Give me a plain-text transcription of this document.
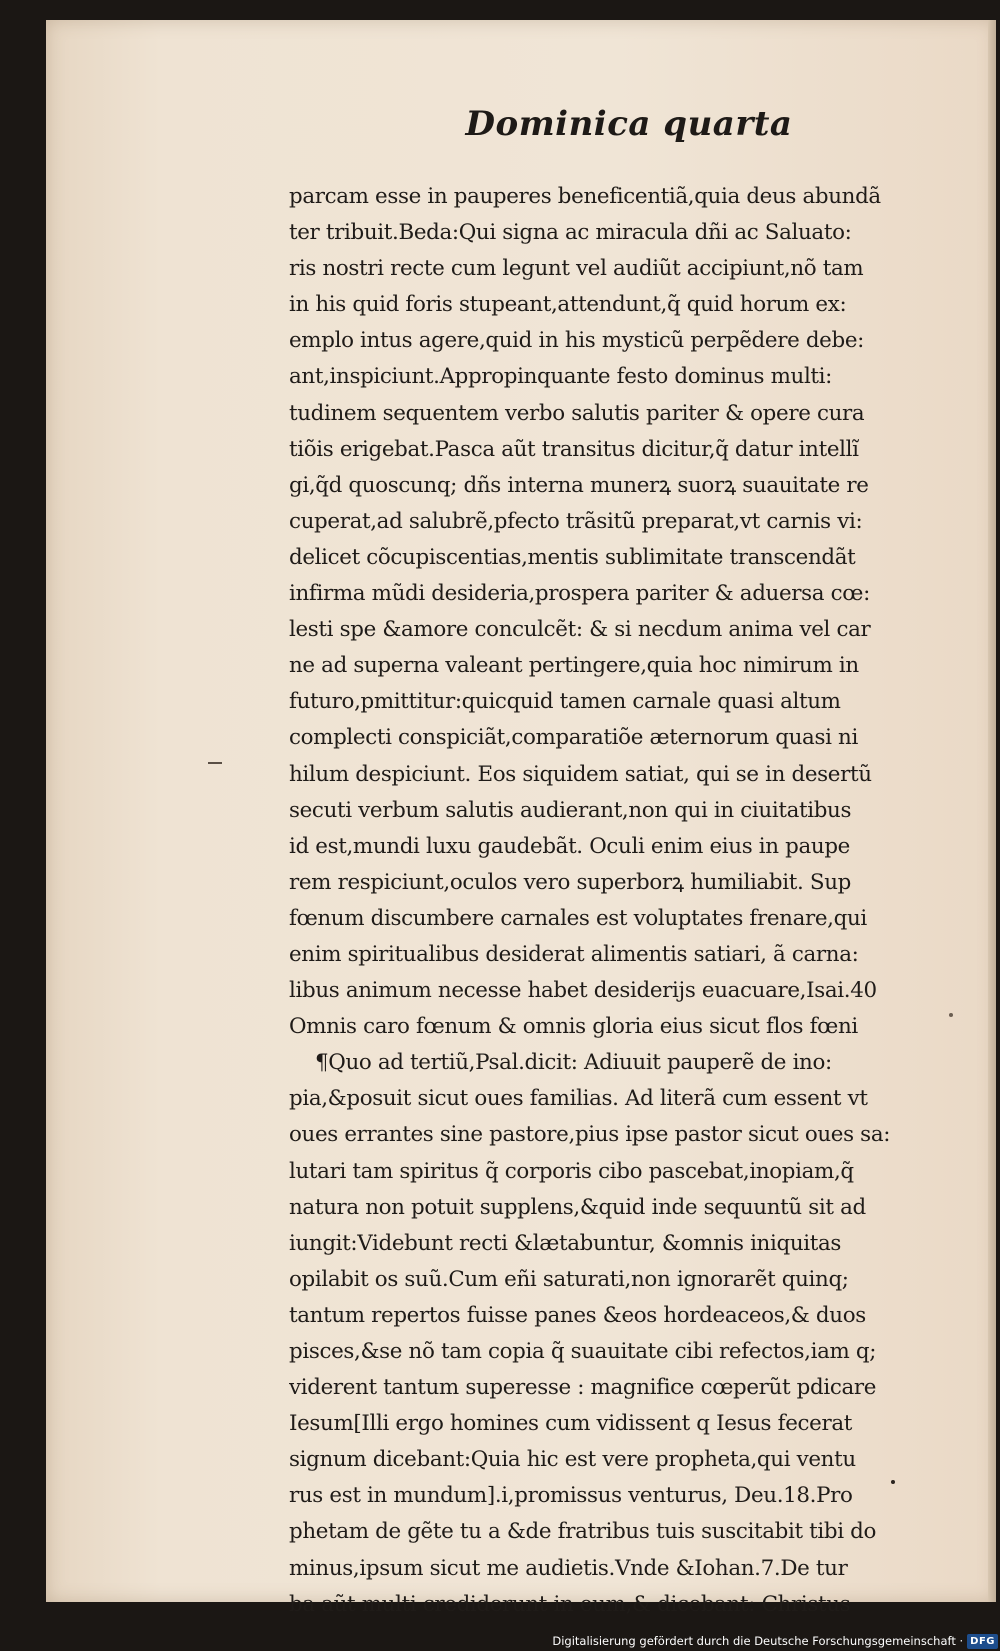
Dominica quarta
parcam esse in pauperes beneficentiã,quia deus abundã
ter tribuit.Beda:Qui signa ac miracula dñi ac Saluato:
ris nostri recte cum legunt vel audiũt accipiunt,nõ tam
in his quid foris stupeant,attendunt,q̃ quid horum ex:
emplo intus agere,quid in his mysticũ perpẽdere debe:
ant,inspiciunt.Appropinquante festo dominus multi:
tudinem sequentem verbo salutis pariter & opere cura
tiõis erigebat.Pasca aũt transitus dicitur,q̃ datur intellĩ
gi,q̃d quoscunq; dñs interna munerꝝ suorꝝ suauitate re
cuperat,ad salubrẽ,pfecto trãsitũ preparat,vt carnis vi:
delicet cõcupiscentias,mentis sublimitate transcendãt
infirma mũdi desideria,prospera pariter & aduersa cœ:
lesti spe &amore conculcẽt: & si necdum anima vel car
ne ad superna valeant pertingere,quia hoc nimirum in
futuro,pmittitur:quicquid tamen carnale quasi altum
complecti conspiciãt,comparatiõe æternorum quasi ni
hilum despiciunt. Eos siquidem satiat, qui se in desertũ
secuti verbum salutis audierant,non qui in ciuitatibus
id est,mundi luxu gaudebãt. Oculi enim eius in paupe
rem respiciunt,oculos vero superborꝝ humiliabit. Sup
fœnum discumbere carnales est voluptates frenare,qui
enim spiritualibus desiderat alimentis satiari, ã carna:
libus animum necesse habet desiderijs euacuare,Isai.40
Omnis caro fœnum & omnis gloria eius sicut flos fœni
¶Quo ad tertiũ,Psal.dicit: Adiuuit pauperẽ de ino:
pia,&posuit sicut oues familias. Ad literã cum essent vt
oues errantes sine pastore,pius ipse pastor sicut oues sa:
lutari tam spiritus q̃ corporis cibo pascebat,inopiam,q̃
natura non potuit supplens,&quid inde sequuntũ sit ad
iungit:Videbunt recti &lætabuntur, &omnis iniquitas
opilabit os suũ.Cum eñi saturati,non ignorarẽt quinq;
tantum repertos fuisse panes &eos hordeaceos,& duos
pisces,&se nõ tam copia q̃ suauitate cibi refectos,iam q;
viderent tantum superesse : magnifice cœperũt pdicare
Iesum[Illi ergo homines cum vidissent q Iesus fecerat
signum dicebant:Quia hic est vere propheta,qui ventu
rus est in mundum].i,promissus venturus, Deu.18.Pro
phetam de gẽte tu a &de fratribus tuis suscitabit tibi do
minus,ipsum sicut me audietis.Vnde &Iohan.7.De tur
ba aũt multi crediderunt in eum,& dicebant: Christus
Digitalisierung gefördert durch die Deutsche Forschungsgemeinschaft · DFG
